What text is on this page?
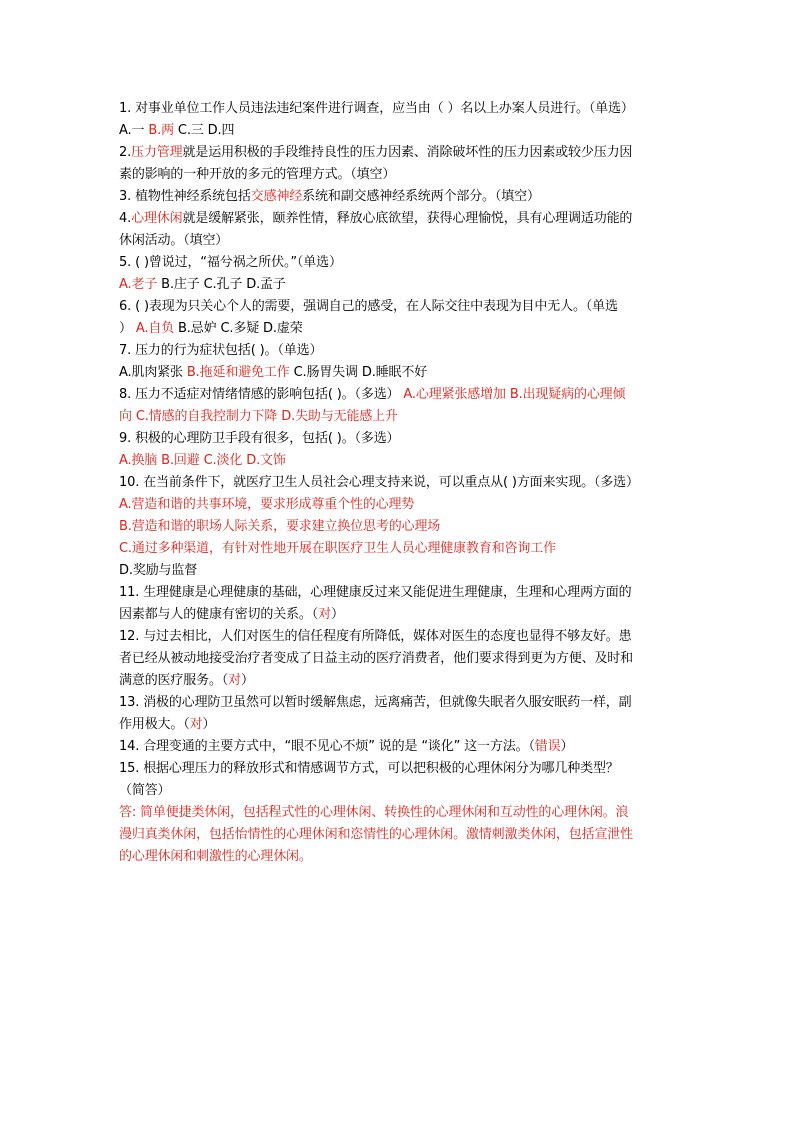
1. 对事业单位工作人员违法违纪案件进行调查，应当由（ ）名以上办案人员进行。（单选）
A.一 B.两 C.三 D.四
2.压力管理就是运用积极的手段维持良性的压力因素、消除破坏性的压力因素或较少压力因
素的影响的一种开放的多元的管理方式。（填空）
3. 植物性神经系统包括交感神经系统和副交感神经系统两个部分。（填空）
4.心理休闲就是缓解紧张，颐养性情，释放心底欲望，获得心理愉悦，具有心理调适功能的
休闲活动。（填空）
5. ( )曾说过，“福兮祸之所伏。”（单选）
A.老子 B.庄子 C.孔子 D.孟子
6. ( )表现为只关心个人的需要，强调自己的感受，在人际交往中表现为目中无人。（单选
） A.自负 B.忌妒 C.多疑 D.虚荣
7. 压力的行为症状包括( )。（单选）
A.肌肉紧张 B.拖延和避免工作 C.肠胃失调 D.睡眠不好
8. 压力不适症对情绪情感的影响包括( )。（多选） A.心理紧张感增加 B.出现疑病的心理倾
向 C.情感的自我控制力下降 D.失助与无能感上升
9. 积极的心理防卫手段有很多，包括( )。（多选）
A.换脑 B.回避 C.淡化 D.文饰
10. 在当前条件下，就医疗卫生人员社会心理支持来说，可以重点从( )方面来实现。（多选）
A.营造和谐的共事环境，要求形成尊重个性的心理势
B.营造和谐的职场人际关系，要求建立换位思考的心理场
C.通过多种渠道，有针对性地开展在职医疗卫生人员心理健康教育和咨询工作
D.奖励与监督
11. 生理健康是心理健康的基础，心理健康反过来又能促进生理健康，生理和心理两方面的
因素都与人的健康有密切的关系。（对）
12. 与过去相比，人们对医生的信任程度有所降低，媒体对医生的态度也显得不够友好。患
者已经从被动地接受治疗者变成了日益主动的医疗消费者，他们要求得到更为方便、及时和
满意的医疗服务。（对）
13. 消极的心理防卫虽然可以暂时缓解焦虑，远离痛苦，但就像失眠者久服安眠药一样，副
作用极大。（对）
14. 合理变通的主要方式中，“眼不见心不烦” 说的是 “谈化” 这一方法。（错误）
15. 根据心理压力的释放形式和情感调节方式，可以把积极的心理休闲分为哪几种类型？
（简答）
答: 简单便捷类休闲，包括程式性的心理休闲、转换性的心理休闲和互动性的心理休闲。浪
漫归真类休闲，包括怡情性的心理休闲和恣情性的心理休闲。激情刺激类休闲，包括宣泄性
的心理休闲和刺激性的心理休闲。
